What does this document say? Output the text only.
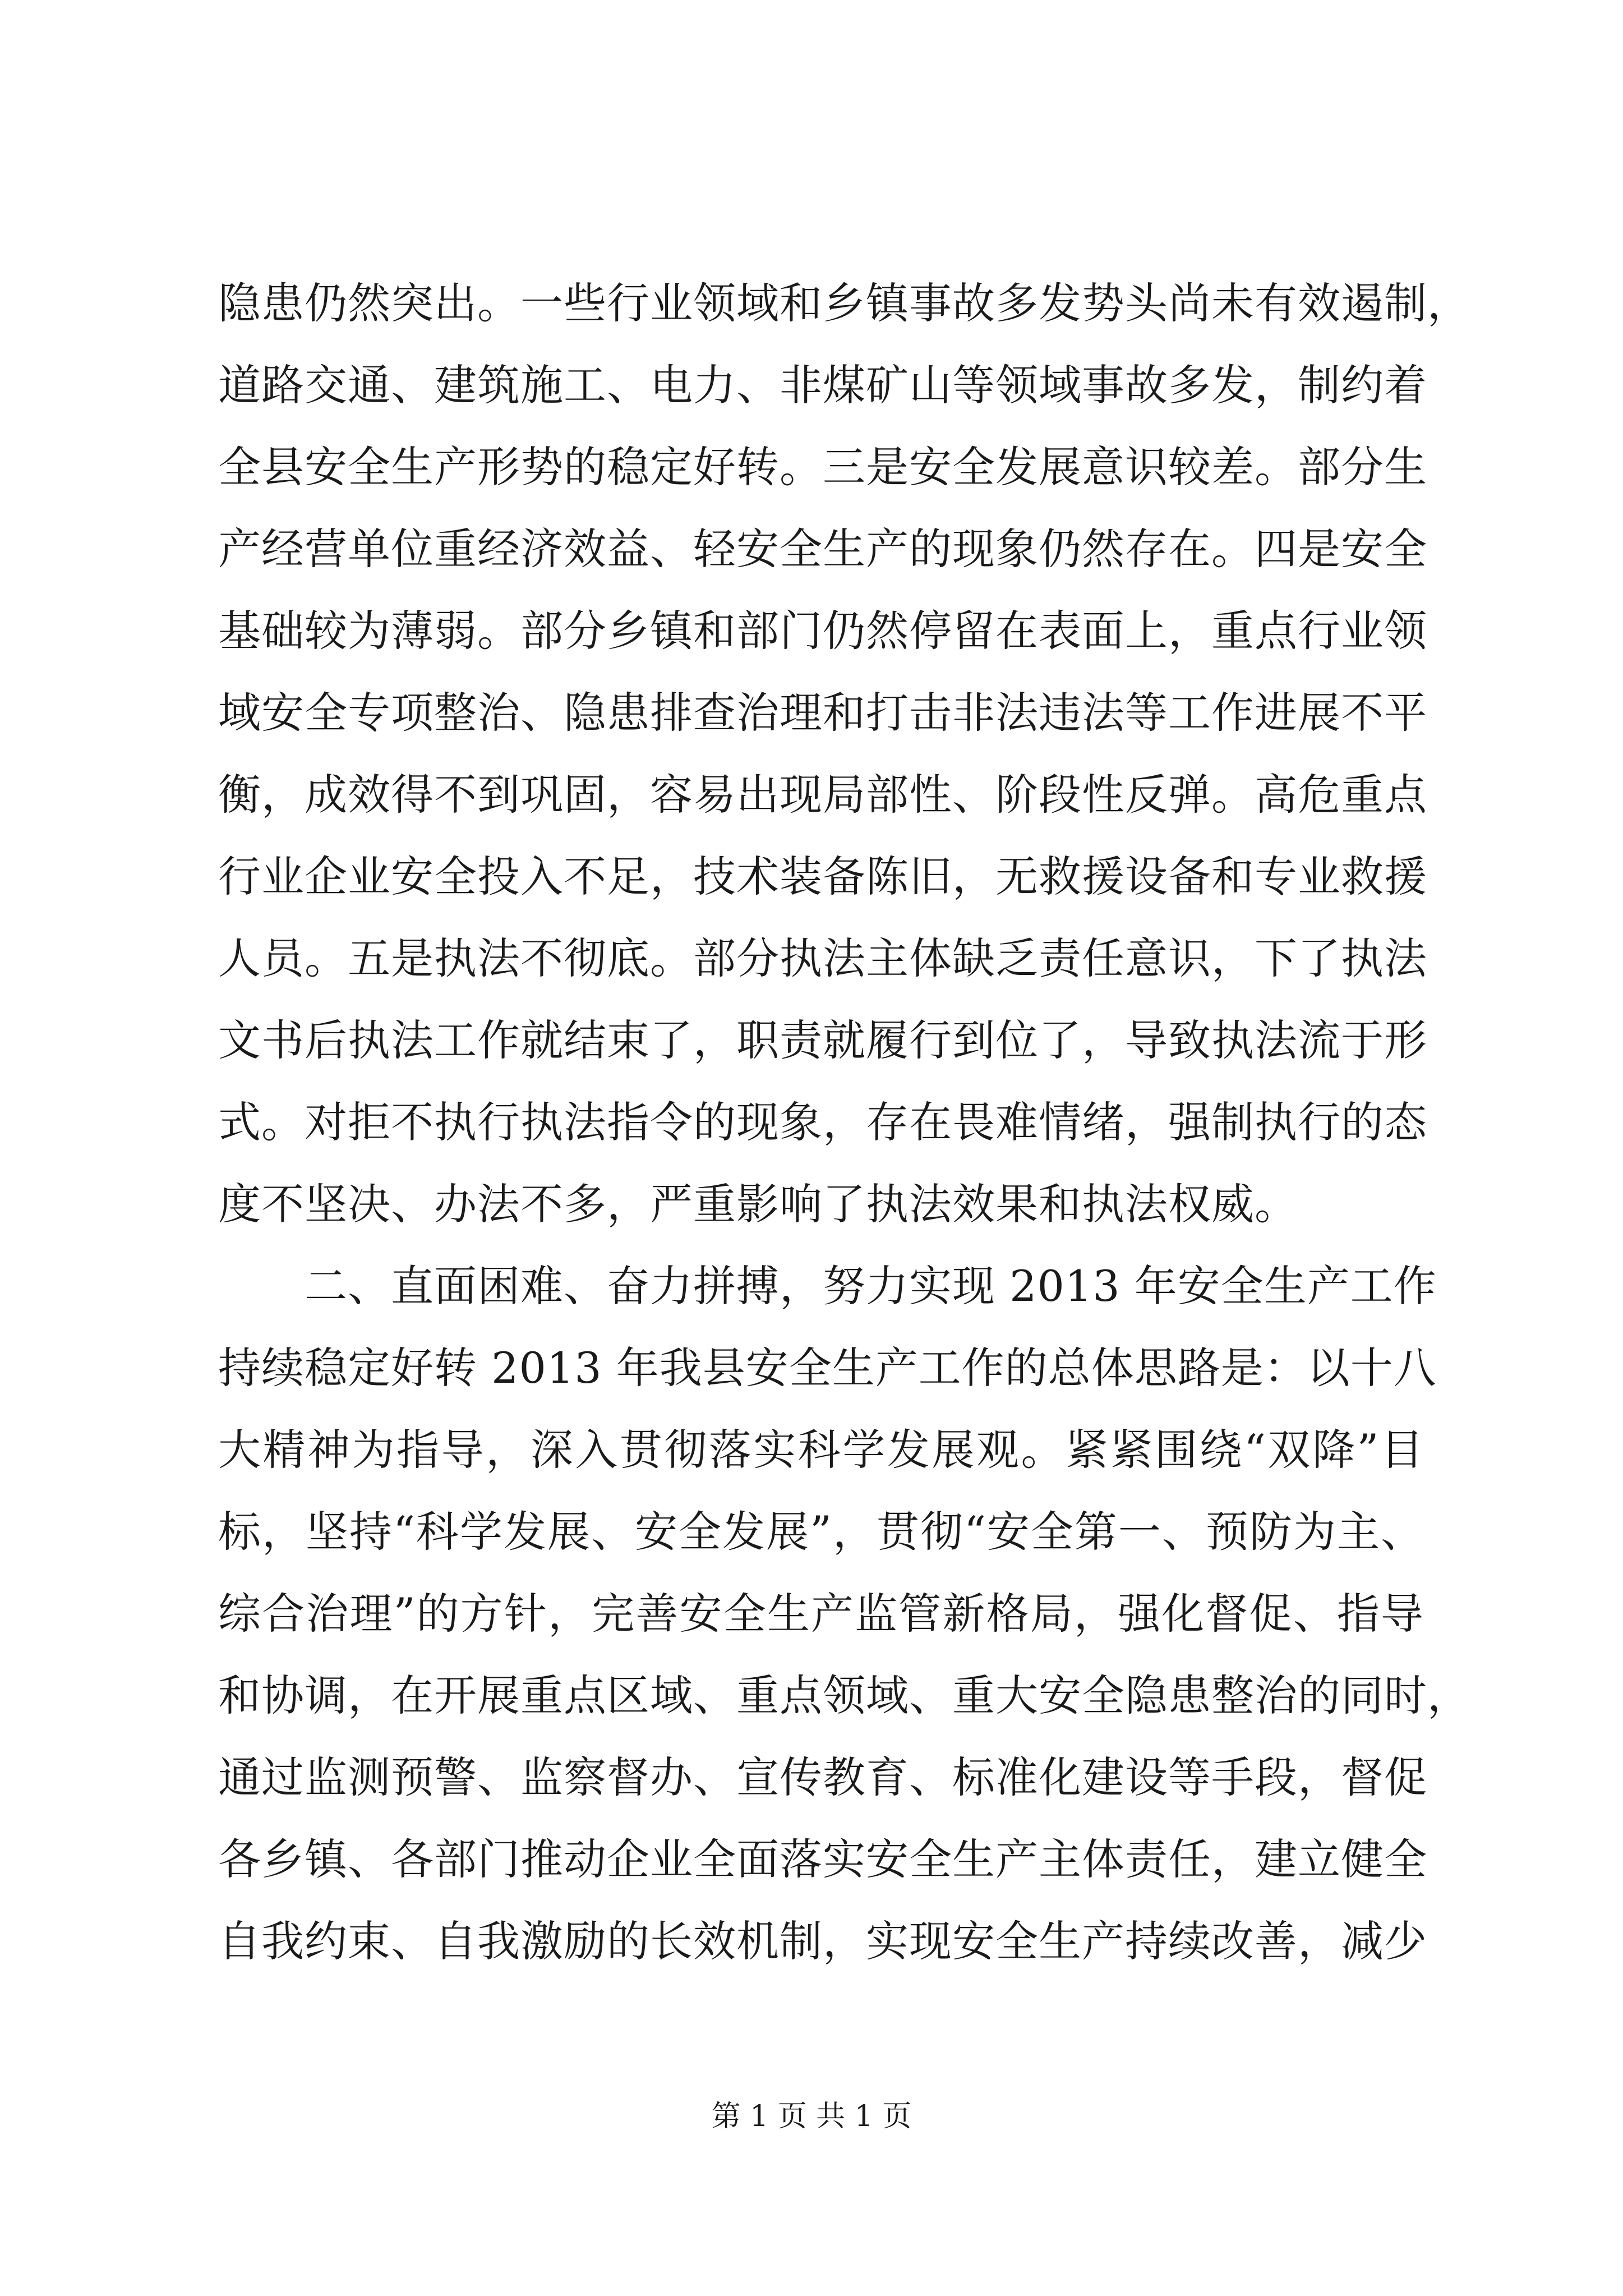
隐患仍然突出。一些行业领域和乡镇事故多发势头尚未有效遏制，
道路交通、建筑施工、电力、非煤矿山等领域事故多发，制约着
全县安全生产形势的稳定好转。三是安全发展意识较差。部分生
产经营单位重经济效益、轻安全生产的现象仍然存在。四是安全
基础较为薄弱。部分乡镇和部门仍然停留在表面上，重点行业领
域安全专项整治、隐患排查治理和打击非法违法等工作进展不平
衡，成效得不到巩固，容易出现局部性、阶段性反弹。高危重点
行业企业安全投入不足，技术装备陈旧，无救援设备和专业救援
人员。五是执法不彻底。部分执法主体缺乏责任意识，下了执法
文书后执法工作就结束了，职责就履行到位了，导致执法流于形
式。对拒不执行执法指令的现象，存在畏难情绪，强制执行的态
度不坚决、办法不多，严重影响了执法效果和执法权威。
　　二、直面困难、奋力拼搏，努力实现 2013 年安全生产工作
持续稳定好转 2013 年我县安全生产工作的总体思路是：以十八
大精神为指导，深入贯彻落实科学发展观。紧紧围绕“双降”目
标，坚持“科学发展、安全发展”，贯彻“安全第一、预防为主、
综合治理”的方针，完善安全生产监管新格局，强化督促、指导
和协调，在开展重点区域、重点领域、重大安全隐患整治的同时，
通过监测预警、监察督办、宣传教育、标准化建设等手段，督促
各乡镇、各部门推动企业全面落实安全生产主体责任，建立健全
自我约束、自我激励的长效机制，实现安全生产持续改善，减少
第 1 页 共 1 页
